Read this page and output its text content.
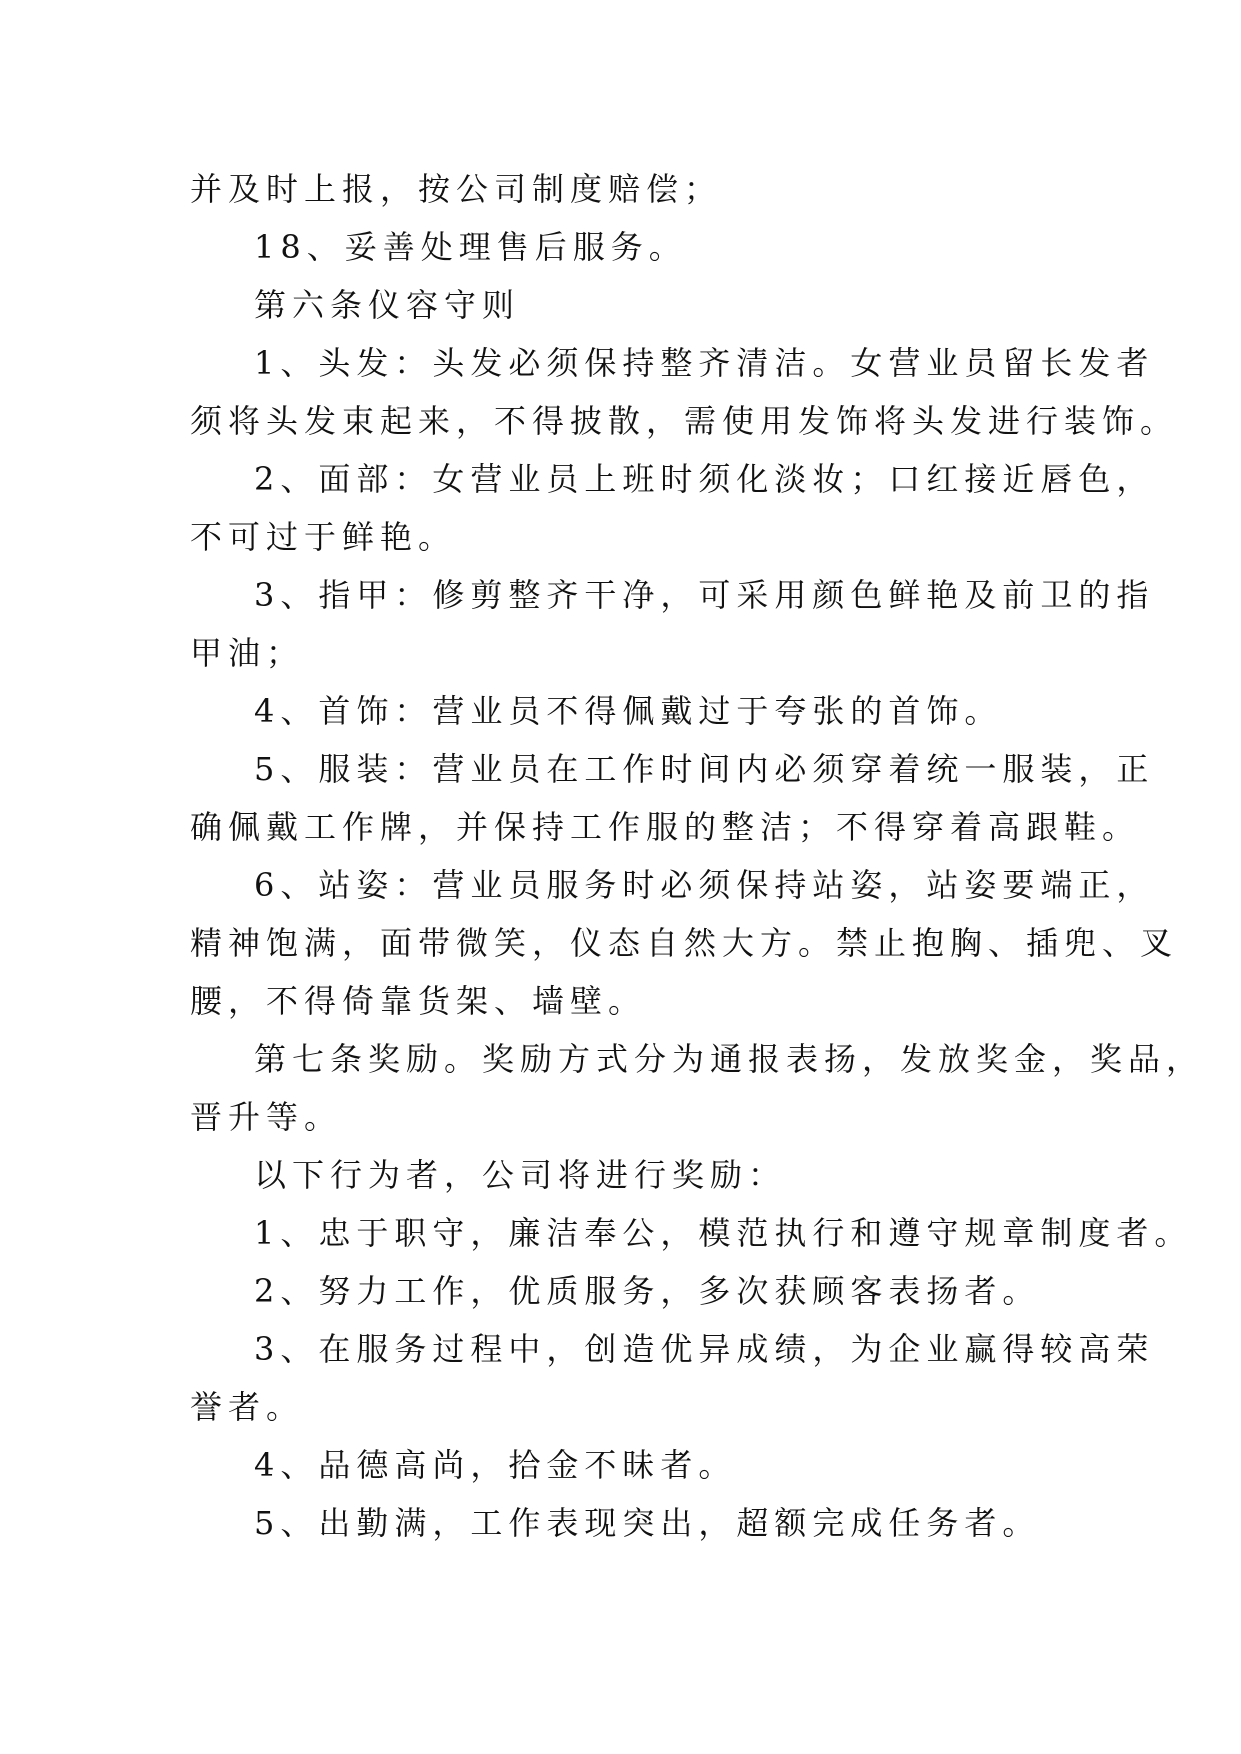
并及时上报，按公司制度赔偿；
18、妥善处理售后服务。
第六条仪容守则
1、头发：头发必须保持整齐清洁。女营业员留长发者
须将头发束起来，不得披散，需使用发饰将头发进行装饰。
2、面部：女营业员上班时须化淡妆；口红接近唇色，
不可过于鲜艳。
3、指甲：修剪整齐干净，可采用颜色鲜艳及前卫的指
甲油；
4、首饰：营业员不得佩戴过于夸张的首饰。
5、服装：营业员在工作时间内必须穿着统一服装，正
确佩戴工作牌，并保持工作服的整洁；不得穿着高跟鞋。
6、站姿：营业员服务时必须保持站姿，站姿要端正，
精神饱满，面带微笑，仪态自然大方。禁止抱胸、插兜、叉
腰，不得倚靠货架、墙壁。
第七条奖励。奖励方式分为通报表扬，发放奖金，奖品，
晋升等。
以下行为者，公司将进行奖励：
1、忠于职守，廉洁奉公，模范执行和遵守规章制度者。
2、努力工作，优质服务，多次获顾客表扬者。
3、在服务过程中，创造优异成绩，为企业赢得较高荣
誉者。
4、品德高尚，拾金不昧者。
5、出勤满，工作表现突出，超额完成任务者。
